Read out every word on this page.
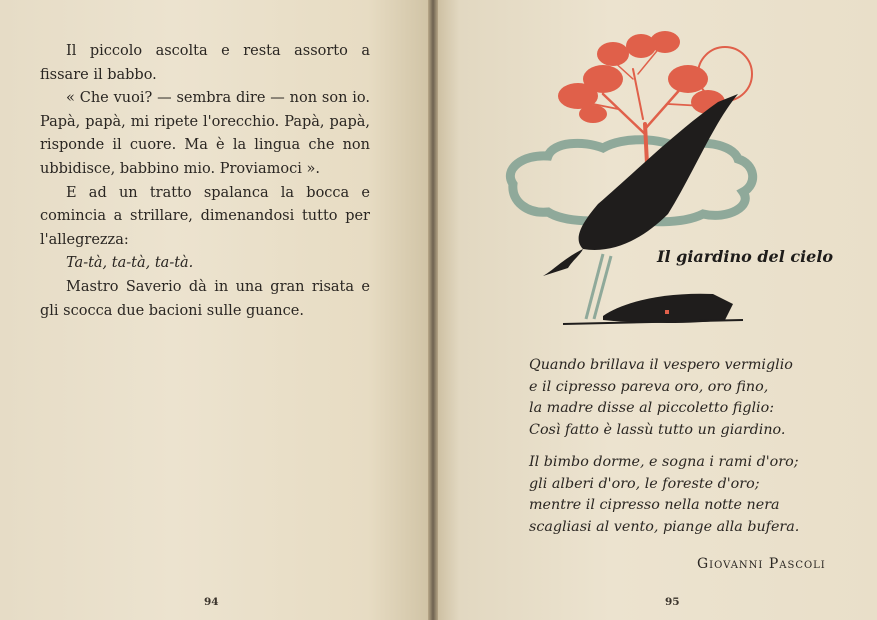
Il piccolo ascolta e resta assorto a fissare il babbo.

« Che vuoi? — sembra dire — non son io. Papà, papà, mi ripete l'orecchio. Papà, papà, risponde il cuore. Ma è la lingua che non ubbidisce, babbino mio. Proviamoci ».

E ad un tratto spalanca la bocca e comincia a strillare, dimenandosi tutto per l'allegrezza:

Ta-tà, ta-tà, ta-tà.

Mastro Saverio dà in una gran risata e gli scocca due bacioni sulle guance.

94
Il giardino del cielo
Quando brillava il vespero vermiglio
e il cipresso pareva oro, oro fino,
la madre disse al piccoletto figlio:
Così fatto è lassù tutto un giardino.
Il bimbo dorme, e sogna i rami d'oro;
gli alberi d'oro, le foreste d'oro;
mentre il cipresso nella notte nera
scagliasi al vento, piange alla bufera.
Giovanni Pascoli
95
